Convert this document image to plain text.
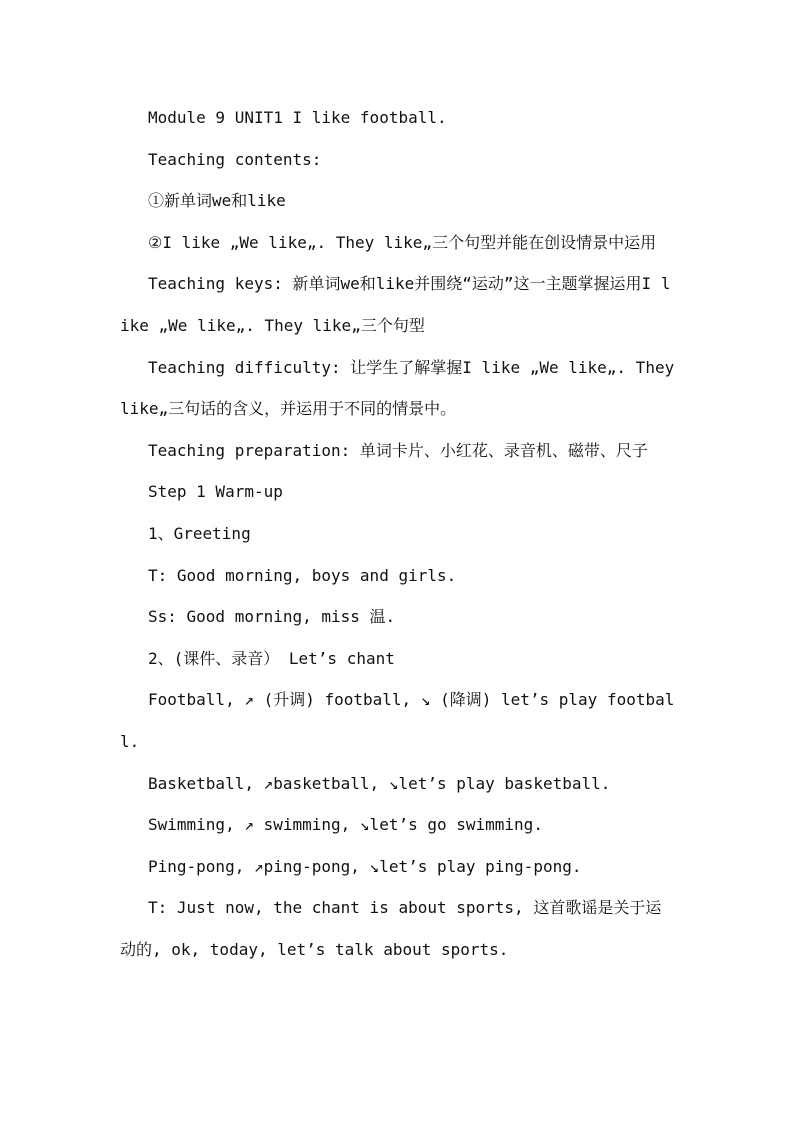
Module 9 UNIT1 I like football.

Teaching contents:

①新单词we和like

②I like „We like„. They like„三个句型并能在创设情景中运用

Teaching keys: 新单词we和like并围绕“运动”这一主题掌握运用I like „We like„. They like„三个句型

Teaching difficulty: 让学生了解掌握I like „We like„. They like„三句话的含义，并运用于不同的情景中。

Teaching preparation: 单词卡片、小红花、录音机、磁带、尺子

Step 1 Warm-up

1、Greeting

T: Good morning, boys and girls.

Ss: Good morning, miss 温.

2、(课件、录音） Let’s chant

Football, ↗ (升调) football, ↘ (降调) let’s play football.

Basketball, ↗basketball, ↘let’s play basketball.

Swimming, ↗ swimming, ↘let’s go swimming.

Ping-pong, ↗ping-pong, ↘let’s play ping-pong.

T: Just now, the chant is about sports, 这首歌谣是关于运动的, ok, today, let’s talk about sports.
